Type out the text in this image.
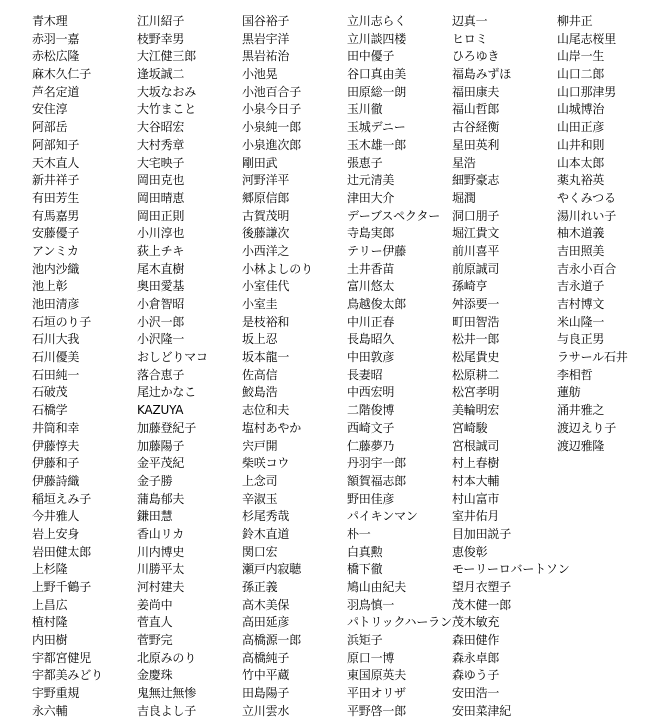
青木理
赤羽一嘉
赤松広隆
麻木久仁子
芦名定道
安住淳
阿部岳
阿部知子
天木直人
新井祥子
有田芳生
有馬嘉男
安藤優子
アンミカ
池内沙織
池上彰
池田清彦
石垣のり子
石川大我
石川優美
石田純一
石破茂
石橋学
井筒和幸
伊藤惇夫
伊藤和子
伊藤詩織
稲垣えみ子
今井雅人
岩上安身
岩田健太郎
上杉隆
上野千鶴子
上昌広
植村隆
内田樹
宇都宮健児
宇都美みどり
宇野重規
永六輔
江川紹子
枝野幸男
大江健三郎
逢坂誠二
大坂なおみ
大竹まこと
大谷昭宏
大村秀章
大宅映子
岡田克也
岡田晴恵
岡田正則
小川淳也
荻上チキ
尾木直樹
奥田愛基
小倉智昭
小沢一郎
小沢隆一
おしどりマコ
落合恵子
尾辻かなこ
KAZUYA
加藤登紀子
加藤陽子
金平茂紀
金子勝
蒲島郁夫
鎌田慧
香山リカ
川内博史
川勝平太
河村建夫
姜尚中
菅直人
菅野完
北原みのり
金慶珠
鬼無辻無惨
吉良よし子
国谷裕子
黒岩宇洋
黒岩祐治
小池晃
小池百合子
小泉今日子
小泉純一郎
小泉進次郎
剛田武
河野洋平
郷原信郎
古賀茂明
後藤謙次
小西洋之
小林よしのり
小室佳代
小室圭
是枝裕和
坂上忍
坂本龍一
佐高信
鮫島浩
志位和夫
塩村あやか
宍戸開
柴咲コウ
上念司
辛淑玉
杉尾秀哉
鈴木直道
関口宏
瀬戸内寂聴
孫正義
高木美保
高田延彦
高橋源一郎
高橋純子
竹中平蔵
田島陽子
立川雲水
立川志らく
立川談四楼
田中優子
谷口真由美
田原総一朗
玉川徹
玉城デニー
玉木雄一郎
張恵子
辻元清美
津田大介
デーブスペクター
寺島実郎
テリー伊藤
土井香苗
富川悠太
鳥越俊太郎
中川正春
長島昭久
中田敦彦
長妻昭
中西宏明
二階俊博
西崎文子
仁藤夢乃
丹羽宇一郎
額賀福志郎
野田佳彦
パイキンマン
朴一
白真勲
橋下徹
鳩山由紀夫
羽鳥慎一
パトリックハーラン
浜矩子
原口一博
東国原英夫
平田オリザ
平野啓一郎
辺真一
ヒロミ
ひろゆき
福島みずほ
福田康夫
福山哲郎
古谷経衡
星田英利
星浩
細野豪志
堀潤
洞口朋子
堀江貴文
前川喜平
前原誠司
孫崎亨
舛添要一
町田智浩
松井一郎
松尾貴史
松原耕二
松宮孝明
美輪明宏
宮崎駿
宮根誠司
村上春樹
村本大輔
村山富市
室井佑月
目加田説子
恵俊彰
モーリーロバートソン
望月衣塑子
茂木健一郎
茂木敏充
森田健作
森永卓郎
森ゆう子
安田浩一
安田菜津紀
柳井正
山尾志桜里
山岸一生
山口二郎
山口那津男
山城博治
山田正彦
山井和則
山本太郎
薬丸裕英
やくみつる
湯川れい子
柚木道義
吉田照美
吉永小百合
吉永道子
吉村博文
米山隆一
与良正男
ラサール石井
李相哲
蓮舫
涌井雅之
渡辺えり子
渡辺雅隆
